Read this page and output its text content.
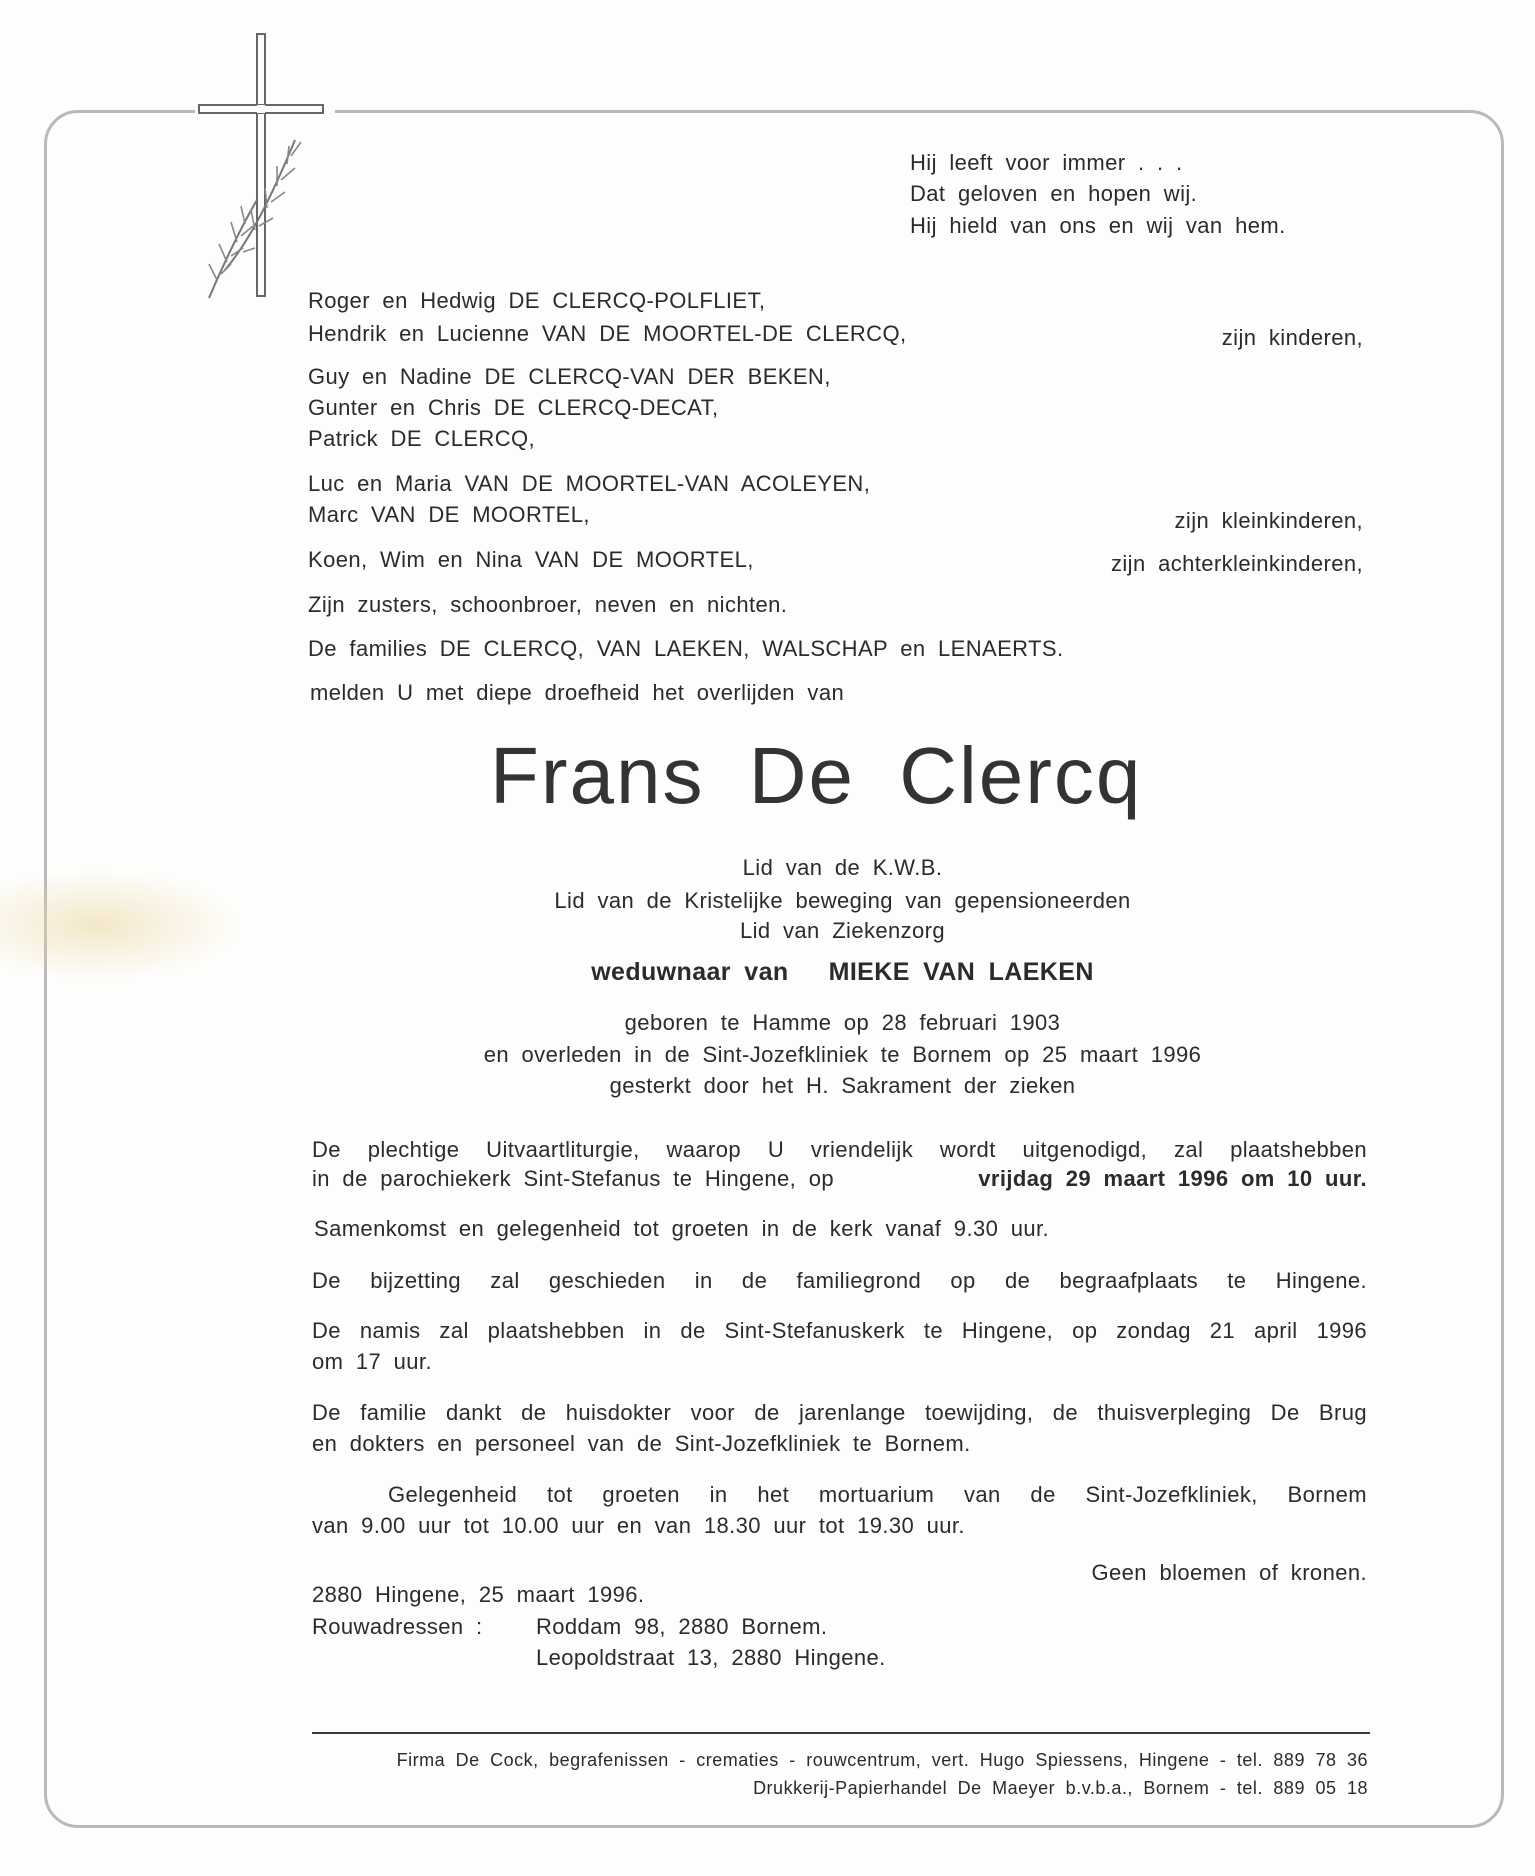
Hij leeft voor immer . . .
Dat geloven en hopen wij.
Hij hield van ons en wij van hem.
Roger en Hedwig DE CLERCQ-POLFLIET,
Hendrik en Lucienne VAN DE MOORTEL-DE CLERCQ,	zijn kinderen,
Guy en Nadine DE CLERCQ-VAN DER BEKEN,
Gunter en Chris DE CLERCQ-DECAT,
Patrick DE CLERCQ,
Luc en Maria VAN DE MOORTEL-VAN ACOLEYEN,
Marc VAN DE MOORTEL,	zijn kleinkinderen,
Koen, Wim en Nina VAN DE MOORTEL,	zijn achterkleinkinderen,
Zijn zusters, schoonbroer, neven en nichten.
De families DE CLERCQ, VAN LAEKEN, WALSCHAP en LENAERTS.
melden U met diepe droefheid het overlijden van
Frans De Clercq
Lid van de K.W.B.
Lid van de Kristelijke beweging van gepensioneerden
Lid van Ziekenzorg
weduwnaar van MIEKE VAN LAEKEN
geboren te Hamme op 28 februari 1903
en overleden in de Sint-Jozefkliniek te Bornem op 25 maart 1996
gesterkt door het H. Sakrament der zieken
De plechtige Uitvaartliturgie, waarop U vriendelijk wordt uitgenodigd, zal plaatshebben
in de parochiekerk Sint-Stefanus te Hingene, op	vrijdag 29 maart 1996 om 10 uur.
Samenkomst en gelegenheid tot groeten in de kerk vanaf 9.30 uur.
De bijzetting zal geschieden in de familiegrond op de begraafplaats te Hingene.
De namis zal plaatshebben in de Sint-Stefanuskerk te Hingene, op zondag 21 april 1996
om 17 uur.
De familie dankt de huisdokter voor de jarenlange toewijding, de thuisverpleging De Brug
en dokters en personeel van de Sint-Jozefkliniek te Bornem.
Gelegenheid tot groeten in het mortuarium van de Sint-Jozefkliniek, Bornem
van 9.00 uur tot 10.00 uur en van 18.30 uur tot 19.30 uur.
Geen bloemen of kronen.
2880 Hingene, 25 maart 1996.
Rouwadressen : Roddam 98, 2880 Bornem.
Leopoldstraat 13, 2880 Hingene.
Firma De Cock, begrafenissen - crematies - rouwcentrum, vert. Hugo Spiessens, Hingene - tel. 889 78 36
Drukkerij-Papierhandel De Maeyer b.v.b.a., Bornem - tel. 889 05 18
